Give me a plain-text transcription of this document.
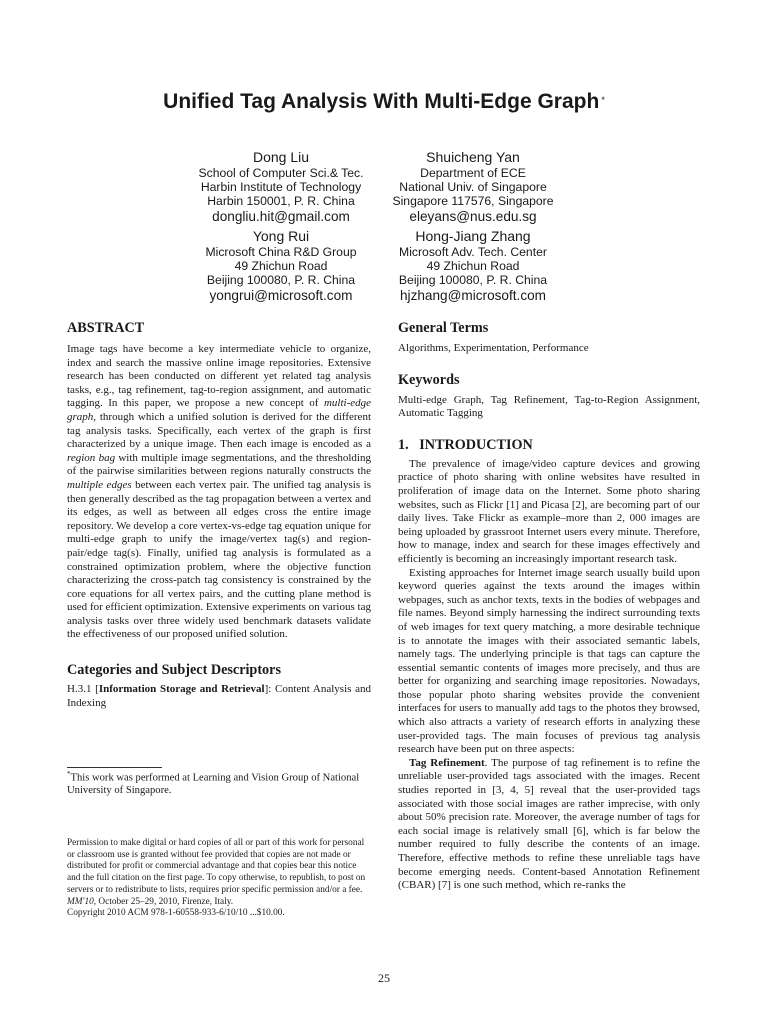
Unified Tag Analysis With Multi-Edge Graph *
Dong Liu
School of Computer Sci.& Tec.
Harbin Institute of Technology
Harbin 150001, P. R. China
dongliu.hit@gmail.com
Shuicheng Yan
Department of ECE
National Univ. of Singapore
Singapore 117576, Singapore
eleyans@nus.edu.sg
Yong Rui
Microsoft China R&D Group
49 Zhichun Road
Beijing 100080, P. R. China
yongrui@microsoft.com
Hong-Jiang Zhang
Microsoft Adv. Tech. Center
49 Zhichun Road
Beijing 100080, P. R. China
hjzhang@microsoft.com
ABSTRACT

Image tags have become a key intermediate vehicle to organize, index and search the massive online image repositories. Extensive research has been conducted on different yet related tag analysis tasks, e.g., tag refinement, tag-to-region assignment, and automatic tagging. In this paper, we propose a new concept of multi-edge graph, through which a unified solution is derived for the different tag analysis tasks. Specifically, each vertex of the graph is first characterized by a unique image. Then each image is encoded as a region bag with multiple image segmentations, and the thresholding of the pairwise similarities between regions naturally constructs the multiple edges between each vertex pair. The unified tag analysis is then generally described as the tag propagation between a vertex and its edges, as well as between all edges cross the entire image repository. We develop a core vertex-vs-edge tag equation unique for multi-edge graph to unify the image/vertex tag(s) and region-pair/edge tag(s). Finally, unified tag analysis is formulated as a constrained optimization problem, where the objective function characterizing the cross-patch tag consistency is constrained by the core equations for all vertex pairs, and the cutting plane method is used for efficient optimization. Extensive experiments on various tag analysis tasks over three widely used benchmark datasets validate the effectiveness of our proposed unified solution.

Categories and Subject Descriptors

H.3.1 [Information Storage and Retrieval]: Content Analysis and Indexing

*This work was performed at Learning and Vision Group of National University of Singapore.

Permission to make digital or hard copies of all or part of this work for personal or classroom use is granted without fee provided that copies are not made or distributed for profit or commercial advantage and that copies bear this notice and the full citation on the first page. To copy otherwise, to republish, to post on servers or to redistribute to lists, requires prior specific permission and/or a fee.

MM'10, October 25–29, 2010, Firenze, Italy.

Copyright 2010 ACM 978-1-60558-933-6/10/10 ...$10.00.

General Terms

Algorithms, Experimentation, Performance

Keywords

Multi-edge Graph, Tag Refinement, Tag-to-Region Assignment, Automatic Tagging

1.   INTRODUCTION

The prevalence of image/video capture devices and growing practice of photo sharing with online websites have resulted in proliferation of image data on the Internet. Some photo sharing websites, such as Flickr [1] and Picasa [2], are becoming part of our daily lives. Take Flickr as example–more than 2, 000 images are being uploaded by grassroot Internet users every minute. Therefore, how to manage, index and search for these images effectively and efficiently is becoming an increasingly important research task.

Existing approaches for Internet image search usually build upon keyword queries against the texts around the images within webpages, such as anchor texts, texts in the bodies of webpages and file names. Beyond simply harnessing the indirect surrounding texts of web images for text query matching, a more desirable technique is to annotate the images with their associated semantic labels, namely tags. The underlying principle is that tags can capture the essential semantic contents of images more precisely, and thus are better for organizing and searching image repositories. Nowadays, those popular photo sharing websites provide the convenient interfaces for users to manually add tags to the photos they browsed, which also attracts a variety of research efforts in analyzing these user-provided tags. The main focuses of previous tag analysis research have been put on three aspects:

Tag Refinement. The purpose of tag refinement is to refine the unreliable user-provided tags associated with the images. Recent studies reported in [3, 4, 5] reveal that the user-provided tags associated with those social images are rather imprecise, with only about 50% precision rate. Moreover, the average number of tags for each social image is relatively small [6], which is far below the number required to fully describe the contents of an image. Therefore, effective methods to refine these unreliable tags have become emerging needs. Content-based Annotation Refinement (CBAR) [7] is one such method, which re-ranks the

25
